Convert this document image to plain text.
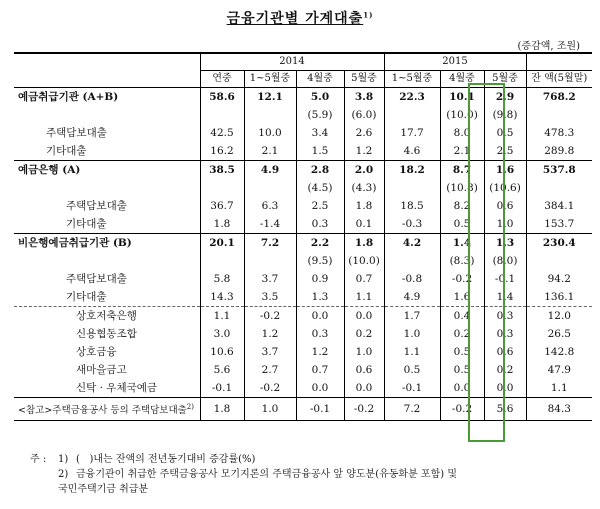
금융기관별 가계대출$^{1)}$
(증감액, 조원)
	2014				2015			
	연중	1~5월중	4월중	5월중	1~5월중	4월중	5월중	잔 액(5월말)
예금취급기관 (A+B)	58.6	12.1	5.0	3.8	22.3	10.1	2.9	768.2
			(5.9)	(6.0)		(10.0)	(9.8)	
주택담보대출	42.5	10.0	3.4	2.6	17.7	8.0	0.5	478.3
기타대출	16.2	2.1	1.5	1.2	4.6	2.1	2.5	289.8
예금은행 (A)	38.5	4.9	2.8	2.0	18.2	8.7	1.6	537.8
			(4.5)	(4.3)		(10.8)	(10.6)	
주택담보대출	36.7	6.3	2.5	1.8	18.5	8.2	0.6	384.1
기타대출	1.8	-1.4	0.3	0.1	-0.3	0.5	1.0	153.7
비은행예금취급기관 (B)	20.1	7.2	2.2	1.8	4.2	1.4	1.3	230.4
			(9.5)	(10.0)		(8.3)	(8.0)	
주택담보대출	5.8	3.7	0.9	0.7	-0.8	-0.2	-0.1	94.2
기타대출	14.3	3.5	1.3	1.1	4.9	1.6	1.4	136.1
상호저축은행	1.1	-0.2	0.0	0.0	1.7	0.4	0.3	12.0
신용협동조합	3.0	1.2	0.3	0.2	1.0	0.2	0.3	26.5
상호금융	10.6	3.7	1.2	1.0	1.1	0.5	0.6	142.8
새마을금고	5.6	2.7	0.7	0.6	0.5	0.5	0.2	47.9
신탁 · 우체국예금	-0.1	-0.2	0.0	0.0	-0.1	0.0	0.0	1.1
<참고>주택금융공사 등의 주택담보대출$^{2)}$	1.8	1.0	-0.1	-0.2	7.2	-0.2	5.6	84.3
주 :	1) (   )내는 잔액의 전년동기대비 증감률(%)
2) 금융기관이 취급한 주택금융공사 모기지론의 주택금융공사 앞 양도분(유동화분 포함) 및
국민주택기금 취급분
